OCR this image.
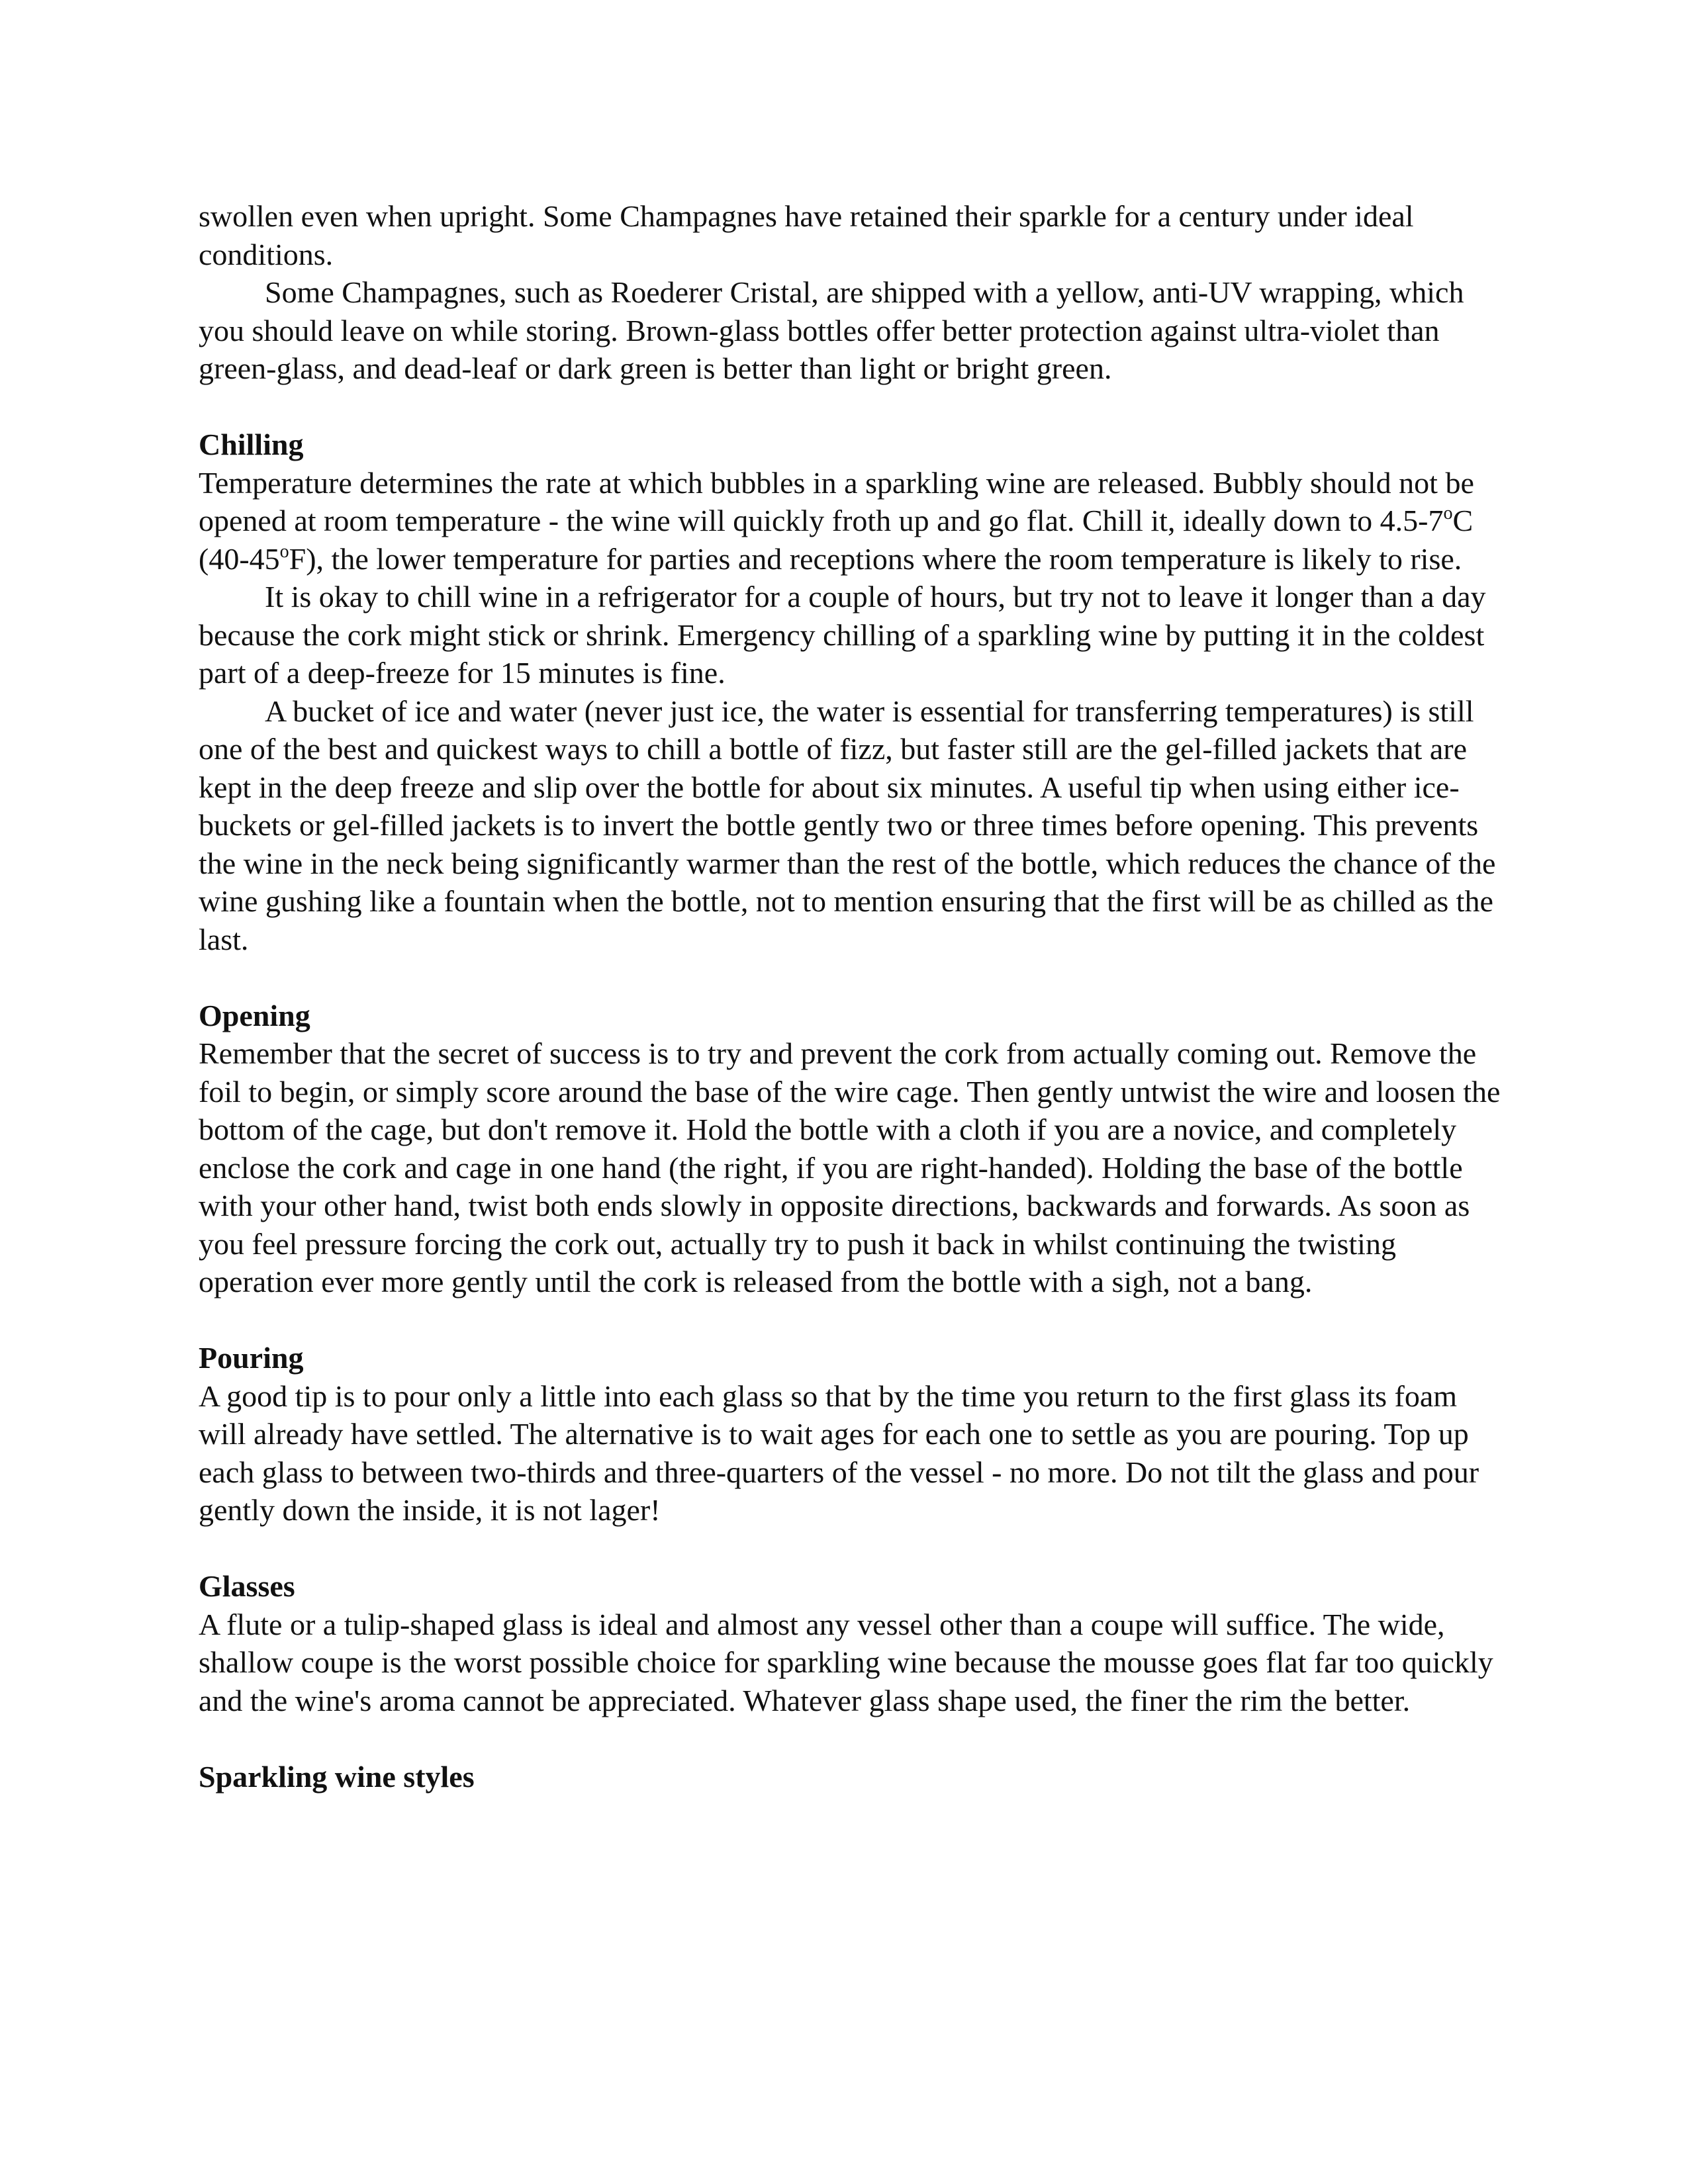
swollen even when upright. Some Champagnes have retained their sparkle for a century under ideal conditions.

Some Champagnes, such as Roederer Cristal, are shipped with a yellow, anti-UV wrapping, which you should leave on while storing. Brown-glass bottles offer better protection against ultra-violet than green-glass, and dead-leaf or dark green is better than light or bright green.

Chilling

Temperature determines the rate at which bubbles in a sparkling wine are released. Bubbly should not be opened at room temperature - the wine will quickly froth up and go flat. Chill it, ideally down to 4.5-7$^o$C (40-45$^o$F), the lower temperature for parties and receptions where the room temperature is likely to rise.

It is okay to chill wine in a refrigerator for a couple of hours, but try not to leave it longer than a day because the cork might stick or shrink. Emergency chilling of a sparkling wine by putting it in the coldest part of a deep-freeze for 15 minutes is fine.

A bucket of ice and water (never just ice, the water is essential for transferring temperatures) is still one of the best and quickest ways to chill a bottle of fizz, but faster still are the gel-filled jackets that are kept in the deep freeze and slip over the bottle for about six minutes. A useful tip when using either ice-buckets or gel-filled jackets is to invert the bottle gently two or three times before opening. This prevents the wine in the neck being significantly warmer than the rest of the bottle, which reduces the chance of the wine gushing like a fountain when the bottle, not to mention ensuring that the first will be as chilled as the last.

Opening

Remember that the secret of success is to try and prevent the cork from actually coming out. Remove the foil to begin, or simply score around the base of the wire cage. Then gently untwist the wire and loosen the bottom of the cage, but don't remove it. Hold the bottle with a cloth if you are a novice, and completely enclose the cork and cage in one hand (the right, if you are right-handed). Holding the base of the bottle with your other hand, twist both ends slowly in opposite directions, backwards and forwards. As soon as you feel pressure forcing the cork out, actually try to push it back in whilst continuing the twisting operation ever more gently until the cork is released from the bottle with a sigh, not a bang.

Pouring

A good tip is to pour only a little into each glass so that by the time you return to the first glass its foam will already have settled. The alternative is to wait ages for each one to settle as you are pouring. Top up each glass to between two-thirds and three-quarters of the vessel - no more. Do not tilt the glass and pour gently down the inside, it is not lager!

Glasses

A flute or a tulip-shaped glass is ideal and almost any vessel other than a coupe will suffice. The wide, shallow coupe is the worst possible choice for sparkling wine because the mousse goes flat far too quickly and the wine's aroma cannot be appreciated. Whatever glass shape used, the finer the rim the better.

Sparkling wine styles
